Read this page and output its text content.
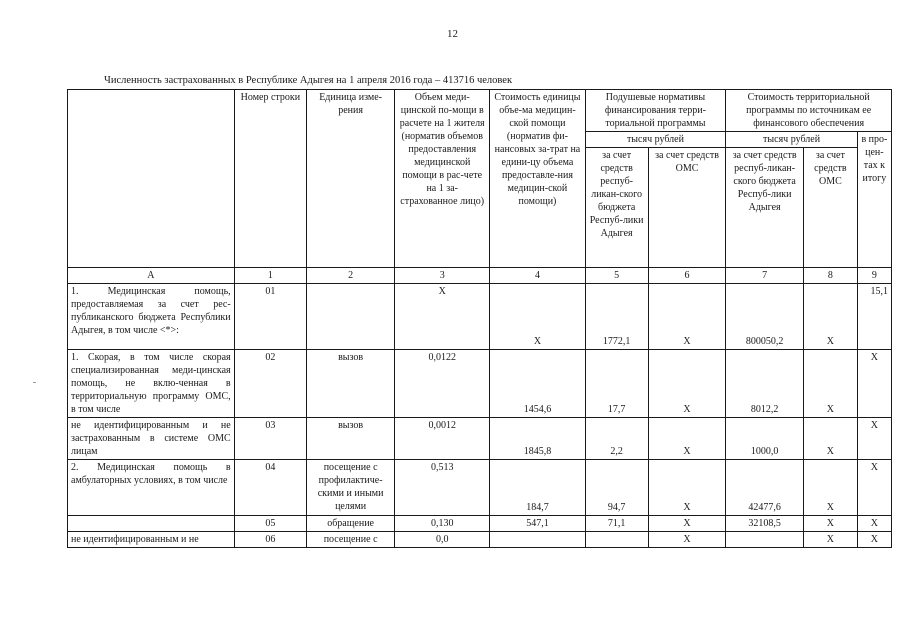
12
Численность застрахованных в Республике Адыгея на 1 апреля 2016 года – 413716 человек
	Номер строки	Единица изме-рения	Объем меди-цинской по-мощи в расчете на 1 жителя (норматив объемов предоставления медицинской помощи в рас-чете на 1 за-страхованное лицо)	Стоимость единицы объе-ма медицин-ской помощи (норматив фи-нансовых за-трат на едини-цу объема предоставле-ния медицин-ской помощи)	Подушевые нормативы финансирования терри-ториальной программы		Стоимость территориальной программы по источникам ее финансового обеспечения		
					тысяч рублей		тысяч рублей		в про-цен-тах к итогу
					за счет средств респуб-ликан-ского бюджета Респуб-лики Адыгея	за счет средств ОМС	за счет средств респуб-ликан-ского бюджета Респуб-лики Адыгея	за счет средств ОМС	
А	1	2	3	4	5	6	7	8	9
1. Медицинская помощь, предоставляемая за счет рес-публиканского бюджета Республики Адыгея, в том числе <*>:	01		Х	Х	1772,1	Х	800050,2	Х	15,1
1. Скорая, в том числе скорая специализированная меди-цинская помощь, не вклю-ченная в территориальную программу ОМС, в том числе	02	вызов	0,0122	1454,6	17,7	Х	8012,2	Х	Х
не идентифицированным и не застрахованным в системе ОМС лицам	03	вызов	0,0012	1845,8	2,2	Х	1000,0	Х	Х
2. Медицинская помощь в амбулаторных условиях, в том числе	04	посещение с профилактиче-скими и иными целями	0,513	184,7	94,7	Х	42477,6	Х	Х
	05	обращение	0,130	547,1	71,1	Х	32108,5	Х	Х
не идентифицированным и не	06	посещение с	0,0			Х		Х	Х
